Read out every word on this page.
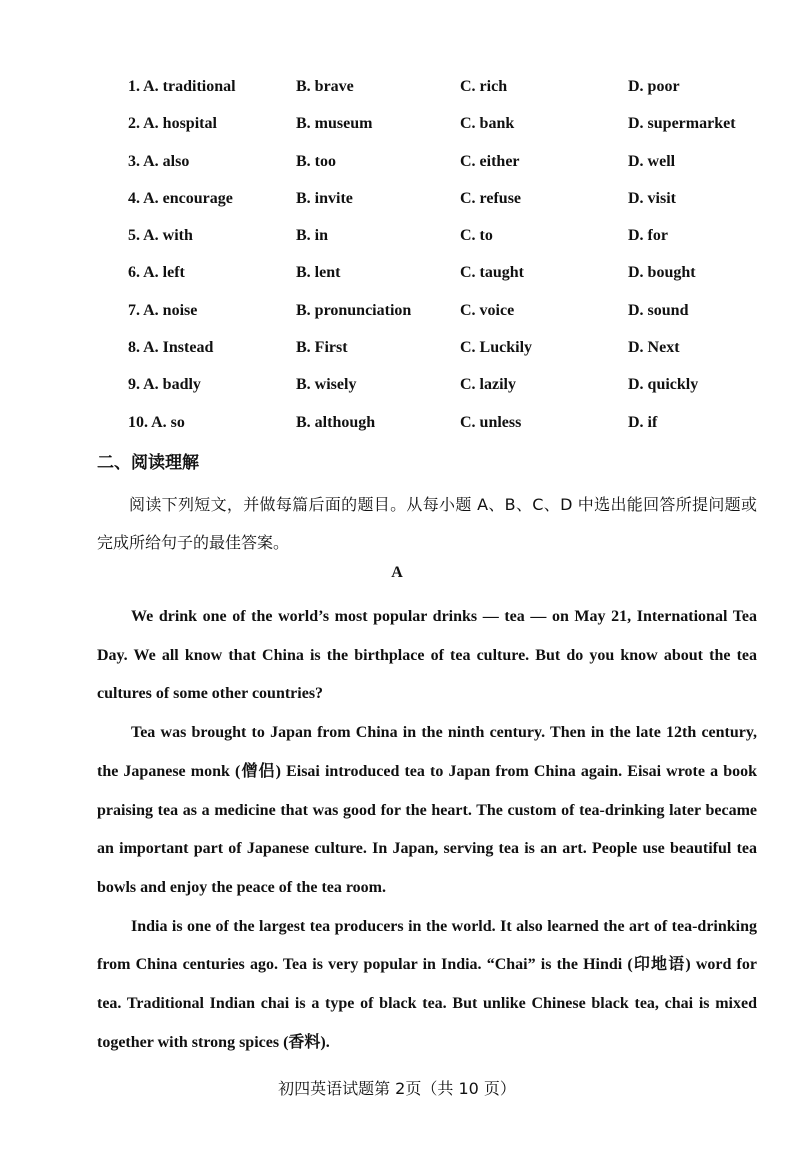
1. A. traditional	B. brave	C. rich	D. poor
2. A. hospital	B. museum	C. bank	D. supermarket
3. A. also	B. too	C. either	D. well
4. A. encourage	B. invite	C. refuse	D. visit
5. A. with	B. in	C. to	D. for
6. A. left	B. lent	C. taught	D. bought
7. A. noise	B. pronunciation	C. voice	D. sound
8. A. Instead	B. First	C. Luckily	D. Next
9. A. badly	B. wisely	C. lazily	D. quickly
10. A. so	B. although	C. unless	D. if
二、阅读理解
阅读下列短文，并做每篇后面的题目。从每小题 A、B、C、D 中选出能回答所提问题或完成所给句子的最佳答案。
A

We drink one of the world’s most popular drinks — tea — on May 21, International Tea Day. We all know that China is the birthplace of tea culture. But do you know about the tea cultures of some other countries?

Tea was brought to Japan from China in the ninth century. Then in the late 12th century, the Japanese monk (僧侣) Eisai introduced tea to Japan from China again. Eisai wrote a book praising tea as a medicine that was good for the heart. The custom of tea-drinking later became an important part of Japanese culture. In Japan, serving tea is an art. People use beautiful tea bowls and enjoy the peace of the tea room.

India is one of the largest tea producers in the world. It also learned the art of tea-drinking from China centuries ago. Tea is very popular in India. “Chai” is the Hindi (印地语) word for tea. Traditional Indian chai is a type of black tea. But unlike Chinese black tea, chai is mixed together with strong spices (香料).

初四英语试题第 2页（共 10 页）
